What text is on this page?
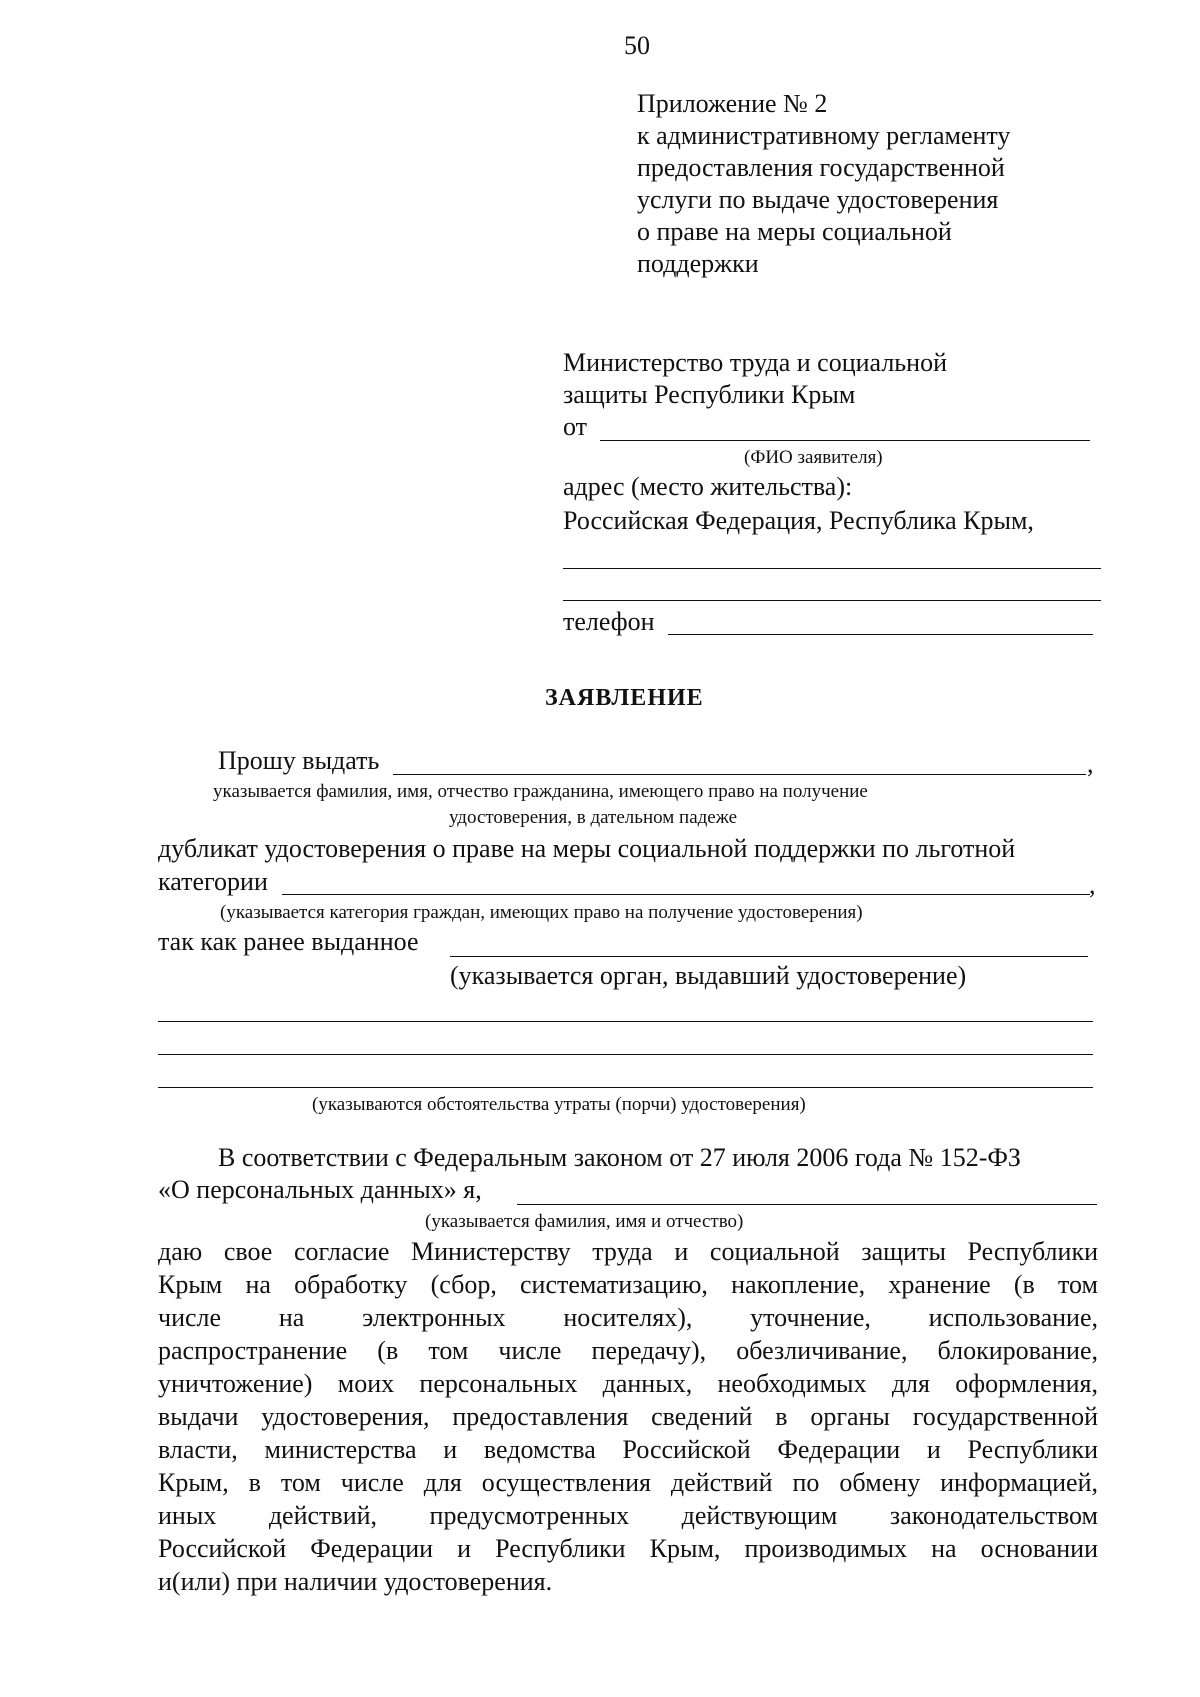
50
Приложение № 2
к административному регламенту
предоставления государственной
услуги по выдаче удостоверения
о праве на меры социальной
поддержки
Министерство труда и социальной
защиты Республики Крым
от
(ФИО заявителя)
адрес (место жительства):
Российская Федерация, Республика Крым,
телефон
ЗАЯВЛЕНИЕ
Прошу выдать	,
указывается фамилия, имя, отчество гражданина, имеющего право на получение
удостоверения, в дательном падеже
дубликат удостоверения о праве на меры социальной поддержки по льготной
категории	,
(указывается категория граждан, имеющих право на получение удостоверения)
так как ранее выданное
(указывается орган, выдавший удостоверение)
(указываются обстоятельства утраты (порчи) удостоверения)
В соответствии с Федеральным законом от 27 июля 2006 года № 152-ФЗ
«О персональных данных» я,
(указывается фамилия, имя и отчество)
даю свое согласие Министерству труда и социальной защиты Республики
Крым на обработку (сбор, систематизацию, накопление, хранение (в том
числе на электронных носителях), уточнение, использование,
распространение (в том числе передачу), обезличивание, блокирование,
уничтожение) моих персональных данных, необходимых для оформления,
выдачи удостоверения, предоставления сведений в органы государственной
власти, министерства и ведомства Российской Федерации и Республики
Крым, в том числе для осуществления действий по обмену информацией,
иных действий, предусмотренных действующим законодательством
Российской Федерации и Республики Крым, производимых на основании
и(или) при наличии удостоверения.
